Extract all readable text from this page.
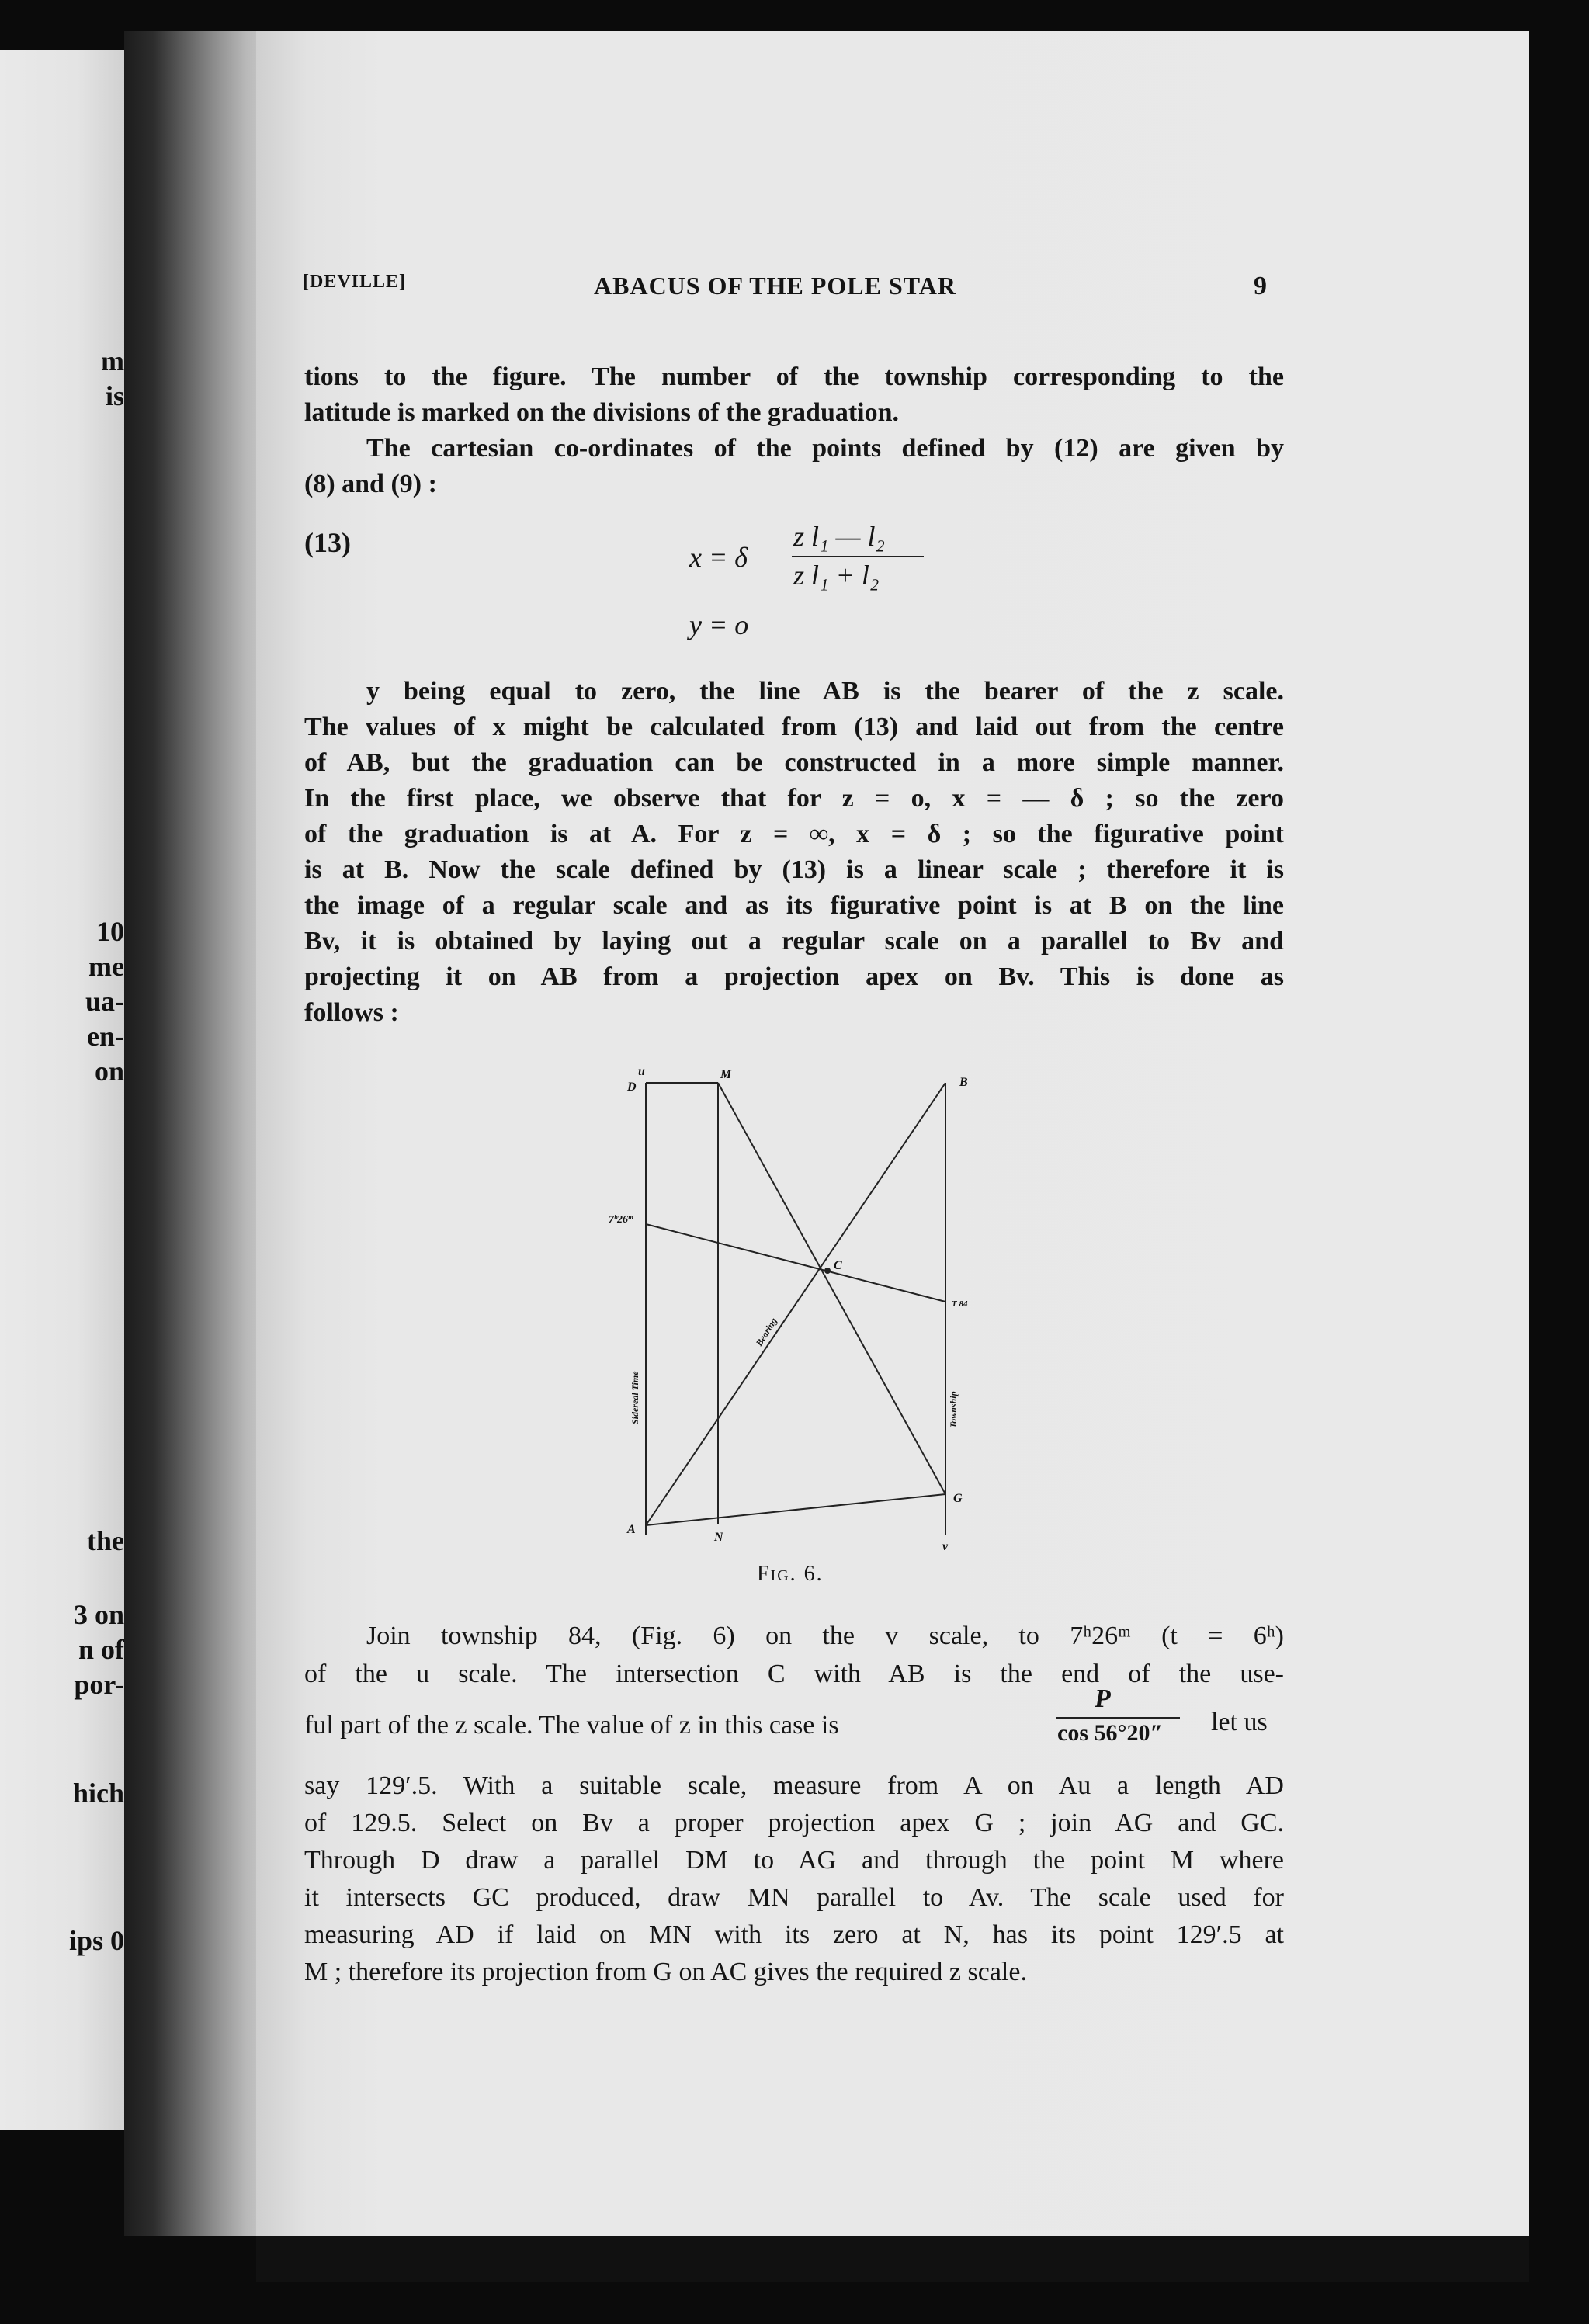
m
is
10
me
ua-
en-
on
the
3 on
n of
por-
hich
ips 0
[DEVILLE]	ABACUS OF THE POLE STAR	9
tions to the figure. The number of the township corresponding to the
latitude is marked on the divisions of the graduation.
The cartesian co-ordinates of the points defined by (12) are given by
(8) and (9) :
(13)	x = δ
z l₁ — l₂
z l₁ + l₂
y = o
y being equal to zero, the line AB is the bearer of the z scale.
The values of x might be calculated from (13) and laid out from the centre
of AB, but the graduation can be constructed in a more simple manner.
In the first place, we observe that for z = o, x = — δ ; so the zero
of the graduation is at A. For z = ∞, x = δ ; so the figurative point
is at B. Now the scale defined by (13) is a linear scale ; therefore it is
the image of a regular scale and as its figurative point is at B on the line
Bv, it is obtained by laying out a regular scale on a parallel to Bv and
projecting it on AB from a projection apex on Bv. This is done as
follows :
u	M
D	B
C
G
A
N
v
7ʰ26ᵐ
T 84
Sidereal Time
Bearing
Township
Fig. 6.
Join township 84, (Fig. 6) on the v scale, to 7ʰ26ᵐ (t = 6ʰ)
of the u scale. The intersection C with AB is the end of the use-
ful part of the z scale. The value of z in this case is
P
cos 56°20″ let us
say 129′.5. With a suitable scale, measure from A on Au a length AD
of 129.5. Select on Bv a proper projection apex G ; join AG and GC.
Through D draw a parallel DM to AG and through the point M where
it intersects GC produced, draw MN parallel to Av. The scale used for
measuring AD if laid on MN with its zero at N, has its point 129′.5 at
M ; therefore its projection from G on AC gives the required z scale.
